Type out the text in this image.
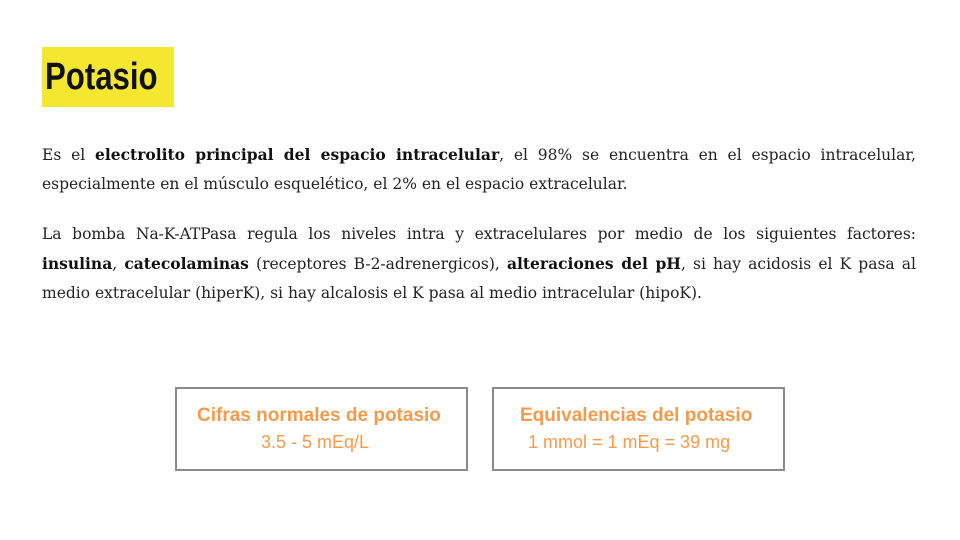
Potasio

Es el electrolito principal del espacio intracelular, el 98% se encuentra en el espacio intracelular, especialmente en el músculo esquelético, el 2% en el espacio extracelular.

La bomba Na-K-ATPasa regula los niveles intra y extracelulares por medio de los siguientes factores: insulina, catecolaminas (receptores B-2-adrenergicos), alteraciones del pH, si hay acidosis el K pasa al medio extracelular (hiperK), si hay alcalosis el K pasa al medio intracelular (hipoK).

Cifras normales de potasio
3.5 - 5 mEq/L
Equivalencias del potasio
1 mmol = 1 mEq = 39 mg
